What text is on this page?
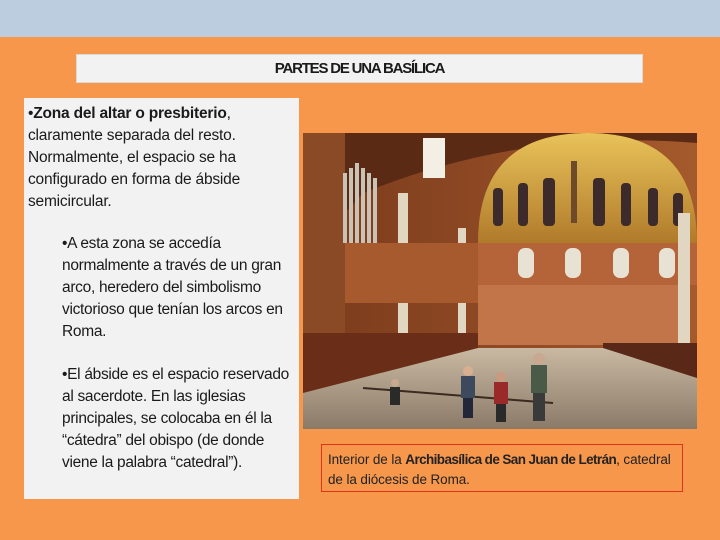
PARTES DE UNA BASÍLICA
•Zona del altar o presbiterio, claramente separada del resto. Normalmente, el espacio se ha configurado en forma de ábside semicircular.
•A esta zona se accedía normalmente a través de un gran arco, heredero del simbolismo victorioso que tenían los arcos en Roma.
•El ábside es el espacio reservado al sacerdote. En las iglesias principales, se colocaba en él la “cátedra” del obispo (de donde viene la palabra “catedral”).	Interior de la Archibasílica de San Juan de Letrán, catedral de la diócesis de Roma.
